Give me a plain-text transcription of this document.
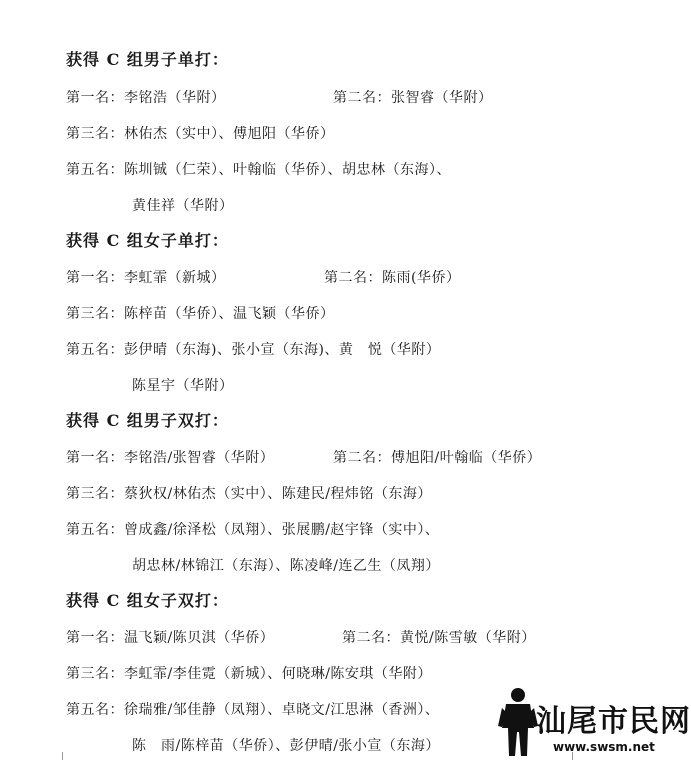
获得 C 组男子单打：
第一名：李铭浩（华附）	第二名：张智睿（华附）
第三名：林佑杰（实中）、傅旭阳（华侨）
第五名：陈圳铖（仁荣）、叶翰临（华侨）、胡忠林（东海）、
黄佳祥（华附）
获得 C 组女子单打：
第一名：李虹霏（新城）	第二名：陈雨(华侨）
第三名：陈梓苗（华侨）、温飞颖（华侨）
第五名：彭伊晴（东海)、张小宣（东海)、黄　悦（华附）
陈星宇（华附）
获得 C 组男子双打：
第一名：李铭浩/张智睿（华附）	第二名：傅旭阳/叶翰临（华侨）
第三名：蔡狄权/林佑杰（实中）、陈建民/程炜铭（东海）
第五名：曾成鑫/徐泽松（凤翔）、张展鹏/赵宇锋（实中）、
胡忠林/林锦江（东海）、陈凌峰/连乙生（凤翔）
获得 C 组女子双打：
第一名：温飞颖/陈贝淇（华侨）	第二名：黄悦/陈雪敏（华附）
第三名：李虹霏/李佳霓（新城）、何晓琳/陈安琪（华附）
第五名：徐瑞雅/邹佳静（凤翔）、卓晓文/江思淋（香洲）、
陈　雨/陈梓苗（华侨）、彭伊晴/张小宣（东海）
汕尾市民网
www.swsm.net
